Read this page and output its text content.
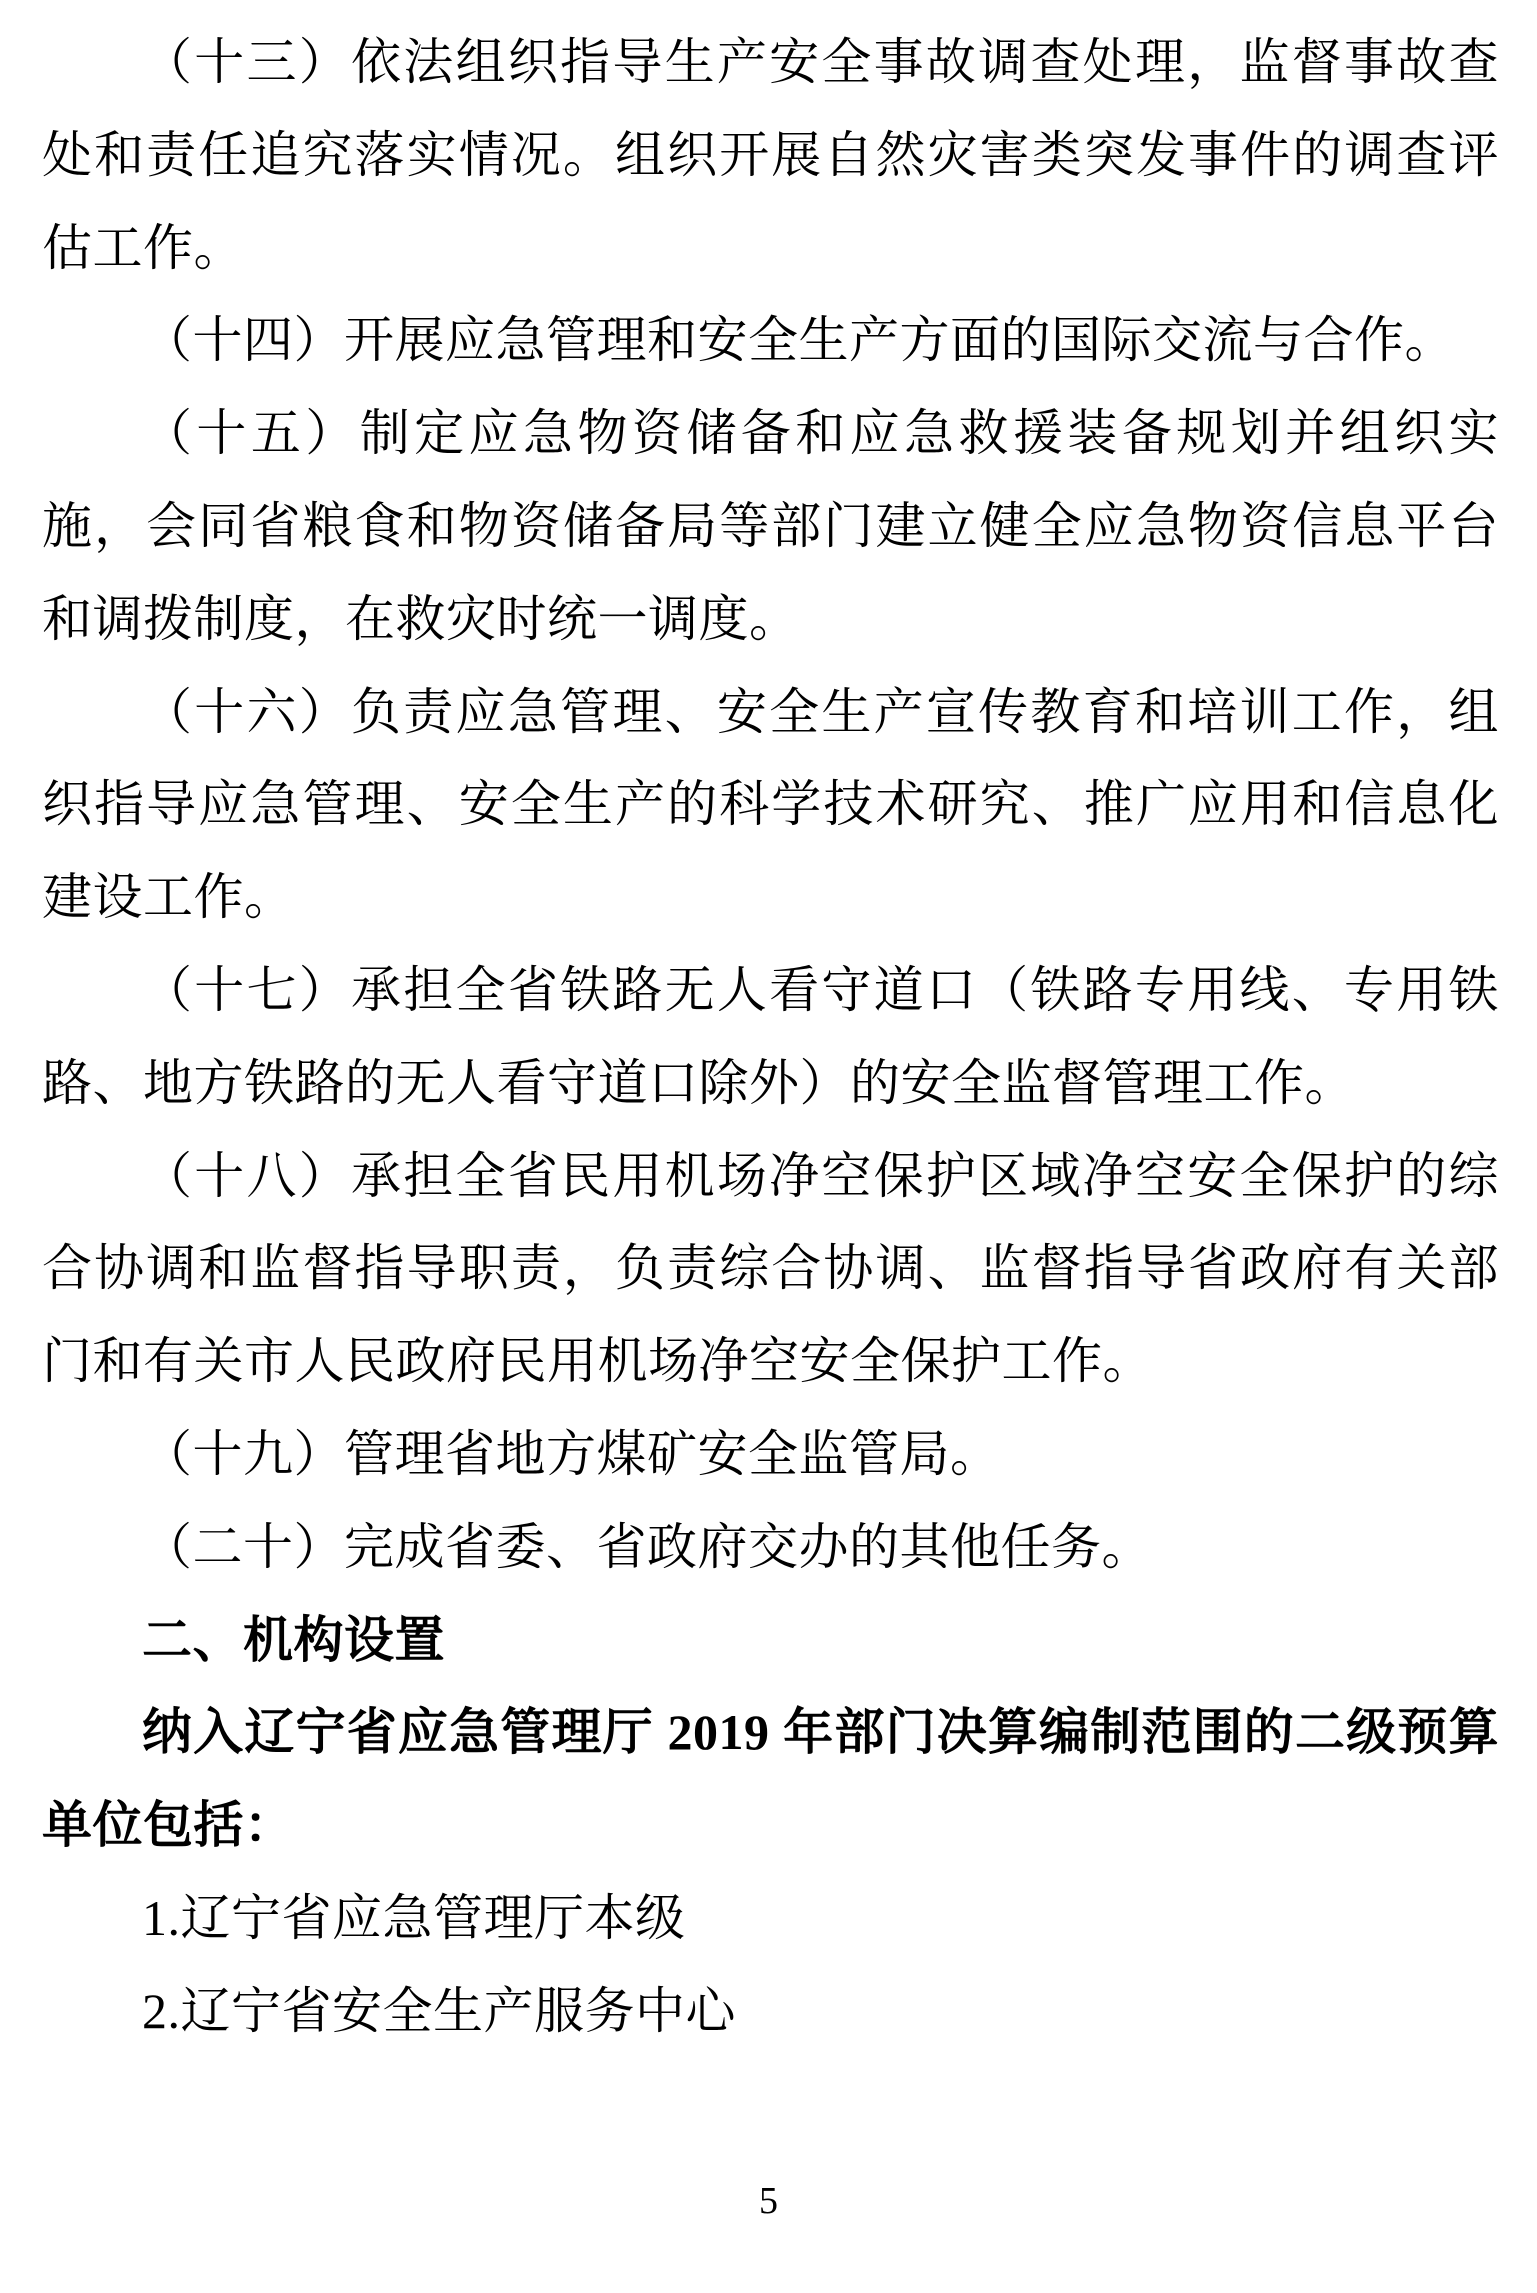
（十三）依法组织指导生产安全事故调查处理，监督事故查处和责任追究落实情况。组织开展自然灾害类突发事件的调查评估工作。

（十四）开展应急管理和安全生产方面的国际交流与合作。

（十五）制定应急物资储备和应急救援装备规划并组织实施，会同省粮食和物资储备局等部门建立健全应急物资信息平台和调拨制度，在救灾时统一调度。

（十六）负责应急管理、安全生产宣传教育和培训工作，组织指导应急管理、安全生产的科学技术研究、推广应用和信息化建设工作。

（十七）承担全省铁路无人看守道口（铁路专用线、专用铁路、地方铁路的无人看守道口除外）的安全监督管理工作。

（十八）承担全省民用机场净空保护区域净空安全保护的综合协调和监督指导职责，负责综合协调、监督指导省政府有关部门和有关市人民政府民用机场净空安全保护工作。

（十九）管理省地方煤矿安全监管局。

（二十）完成省委、省政府交办的其他任务。

二、机构设置

纳入辽宁省应急管理厅 2019 年部门决算编制范围的二级预算单位包括：

1.辽宁省应急管理厅本级

2.辽宁省安全生产服务中心

5
